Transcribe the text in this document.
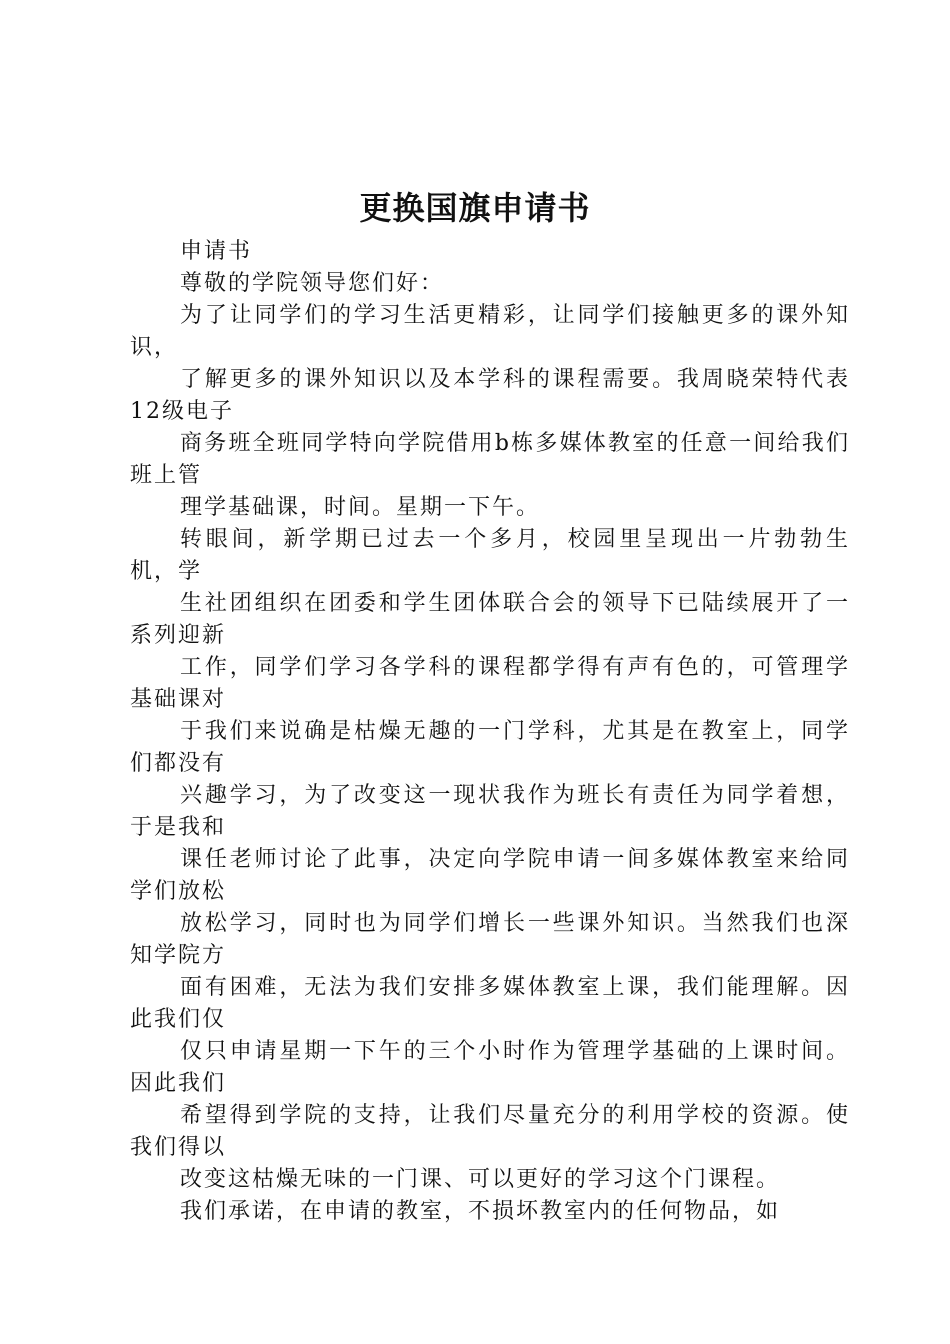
更换国旗申请书

申请书

尊敬的学院领导您们好：

为了让同学们的学习生活更精彩，让同学们接触更多的课外知识，

了解更多的课外知识以及本学科的课程需要。我周晓荣特代表12级电子

商务班全班同学特向学院借用b栋多媒体教室的任意一间给我们班上管

理学基础课，时间。星期一下午。

转眼间，新学期已过去一个多月，校园里呈现出一片勃勃生机，学

生社团组织在团委和学生团体联合会的领导下已陆续展开了一系列迎新

工作，同学们学习各学科的课程都学得有声有色的，可管理学基础课对

于我们来说确是枯燥无趣的一门学科，尤其是在教室上，同学们都没有

兴趣学习，为了改变这一现状我作为班长有责任为同学着想，于是我和

课任老师讨论了此事，决定向学院申请一间多媒体教室来给同学们放松

放松学习，同时也为同学们增长一些课外知识。当然我们也深知学院方

面有困难，无法为我们安排多媒体教室上课，我们能理解。因此我们仅

仅只申请星期一下午的三个小时作为管理学基础的上课时间。因此我们

希望得到学院的支持，让我们尽量充分的利用学校的资源。使我们得以

改变这枯燥无味的一门课、可以更好的学习这个门课程。

我们承诺，在申请的教室，不损坏教室内的任何物品，如
